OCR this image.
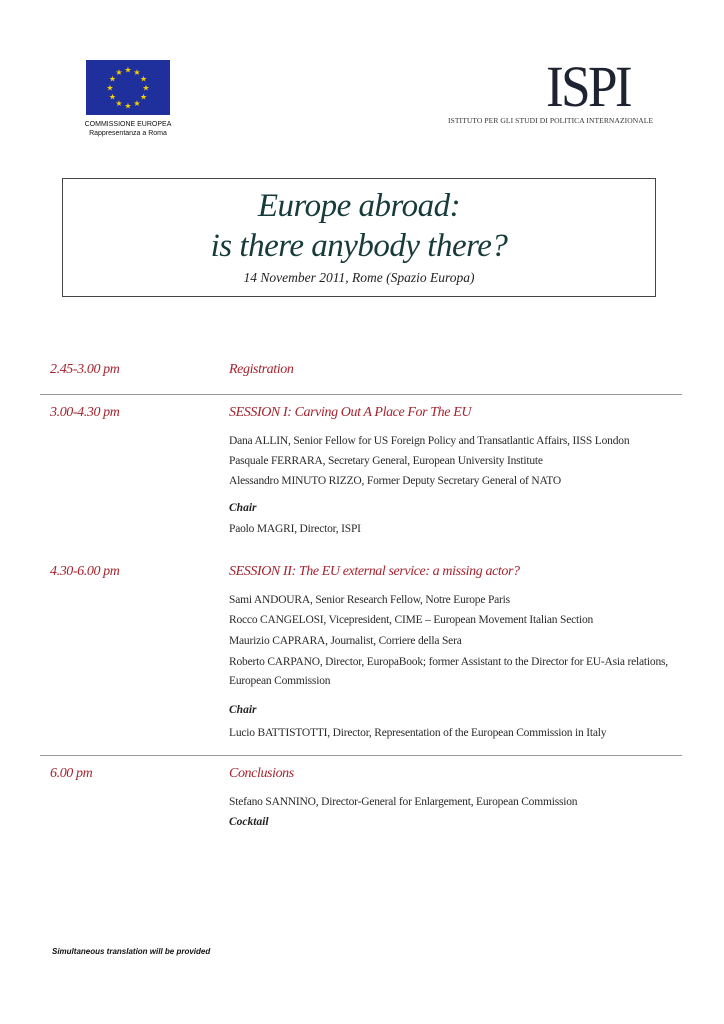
★ ★
★
★
★
★
★
★
★
★
★
★
COMMISSIONE EUROPEA
Rappresentanza a Roma
ISPI
ISTITUTO PER GLI STUDI DI POLITICA INTERNAZIONALE
Europe abroad:
is there anybody there?
14 November 2011, Rome (Spazio Europa)
2.45-3.00 pm	Registration
3.00-4.30 pm	SESSION I: Carving Out A Place For The EU
Dana ALLIN, Senior Fellow for US Foreign Policy and Transatlantic Affairs, IISS London
Pasquale FERRARA, Secretary General, European University Institute
Alessandro MINUTO RIZZO, Former Deputy Secretary General of NATO
Chair
Paolo MAGRI, Director, ISPI
4.30-6.00 pm	SESSION II: The EU external service: a missing actor?
Sami ANDOURA, Senior Research Fellow, Notre Europe Paris
Rocco CANGELOSI, Vicepresident, CIME – European Movement Italian Section
Maurizio CAPRARA, Journalist, Corriere della Sera
Roberto CARPANO, Director, EuropaBook; former Assistant to the Director for EU-Asia relations, European Commission
Chair
Lucio BATTISTOTTI, Director, Representation of the European Commission in Italy
6.00 pm	Conclusions
Stefano SANNINO, Director-General for Enlargement, European Commission
Cocktail
Simultaneous translation will be provided
